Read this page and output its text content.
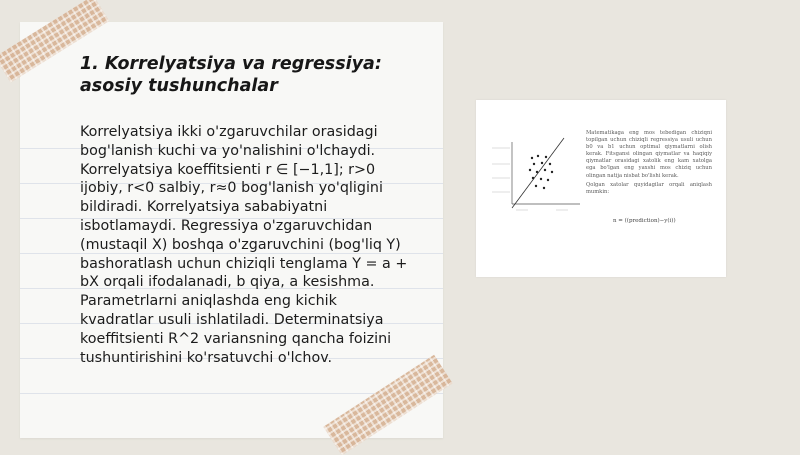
1. Korrelyatsiya va regressiya: asosiy tushunchalar

Korrelyatsiya ikki o'zgaruvchilar orasidagi bog'lanish kuchi va yo'nalishini o'lchaydi. Korrelyatsiya koeffitsienti r ∈ [−1,1]; r>0 ijobiy, r<0 salbiy, r≈0 bog'lanish yo'qligini bildiradi. Korrelyatsiya sababiyatni isbotlamaydi. Regressiya o'zgaruvchidan (mustaqil X) boshqa o'zgaruvchini (bog'liq Y) bashoratlash uchun chiziqli tenglama Y = a + bX orqali ifodalanadi, b qiya, a kesishma. Parametrlarni aniqlashda eng kichik kvadratlar usuli ishlatiladi. Determinatsiya koeffitsienti R^2 variansning qancha foizini tushuntirishini ko'rsatuvchi o'lchov.

Matematikaga eng mos tebedigan chiziqni topilgan uchun chiziqli regressiya usuli uchun b0 va b1 uchun optimal qiymatlarni olish kerak. Fitsgansi olingan qiymatlar va haqiqiy qiymatlar orasidagi xatolik eng kam xatolga ega bo'lgan eng yaxshi mos chiziq uchun olingan natija nisbat bo'lishi kerak.

Qolgan xatolar quyidagilar orqali aniqlash mumkin:

n = ((prediction)−y(i))
